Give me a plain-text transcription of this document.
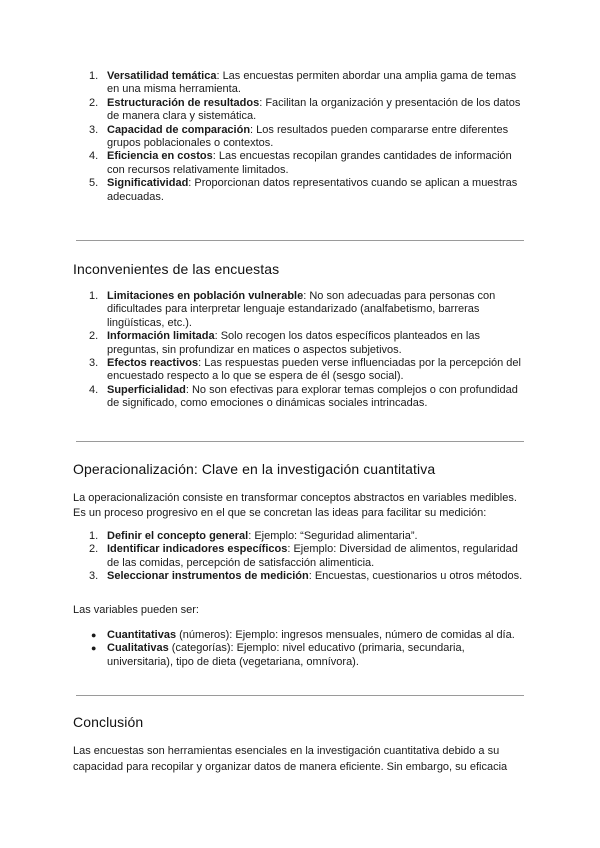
1. Versatilidad temática: Las encuestas permiten abordar una amplia gama de temas en una misma herramienta.
2. Estructuración de resultados: Facilitan la organización y presentación de los datos de manera clara y sistemática.
3. Capacidad de comparación: Los resultados pueden compararse entre diferentes grupos poblacionales o contextos.
4. Eficiencia en costos: Las encuestas recopilan grandes cantidades de información con recursos relativamente limitados.
5. Significatividad: Proporcionan datos representativos cuando se aplican a muestras adecuadas.
Inconvenientes de las encuestas
1. Limitaciones en población vulnerable: No son adecuadas para personas con dificultades para interpretar lenguaje estandarizado (analfabetismo, barreras lingüísticas, etc.).
2. Información limitada: Solo recogen los datos específicos planteados en las preguntas, sin profundizar en matices o aspectos subjetivos.
3. Efectos reactivos: Las respuestas pueden verse influenciadas por la percepción del encuestado respecto a lo que se espera de él (sesgo social).
4. Superficialidad: No son efectivas para explorar temas complejos o con profundidad de significado, como emociones o dinámicas sociales intrincadas.
Operacionalización: Clave en la investigación cuantitativa

La operacionalización consiste en transformar conceptos abstractos en variables medibles. Es un proceso progresivo en el que se concretan las ideas para facilitar su medición:

1. Definir el concepto general: Ejemplo: “Seguridad alimentaria”.
2. Identificar indicadores específicos: Ejemplo: Diversidad de alimentos, regularidad de las comidas, percepción de satisfacción alimenticia.
3. Seleccionar instrumentos de medición: Encuestas, cuestionarios u otros métodos.

Las variables pueden ser:

● Cuantitativas (números): Ejemplo: ingresos mensuales, número de comidas al día.
● Cualitativas (categorías): Ejemplo: nivel educativo (primaria, secundaria, universitaria), tipo de dieta (vegetariana, omnívora).
Conclusión

Las encuestas son herramientas esenciales en la investigación cuantitativa debido a su capacidad para recopilar y organizar datos de manera eficiente. Sin embargo, su eficacia
